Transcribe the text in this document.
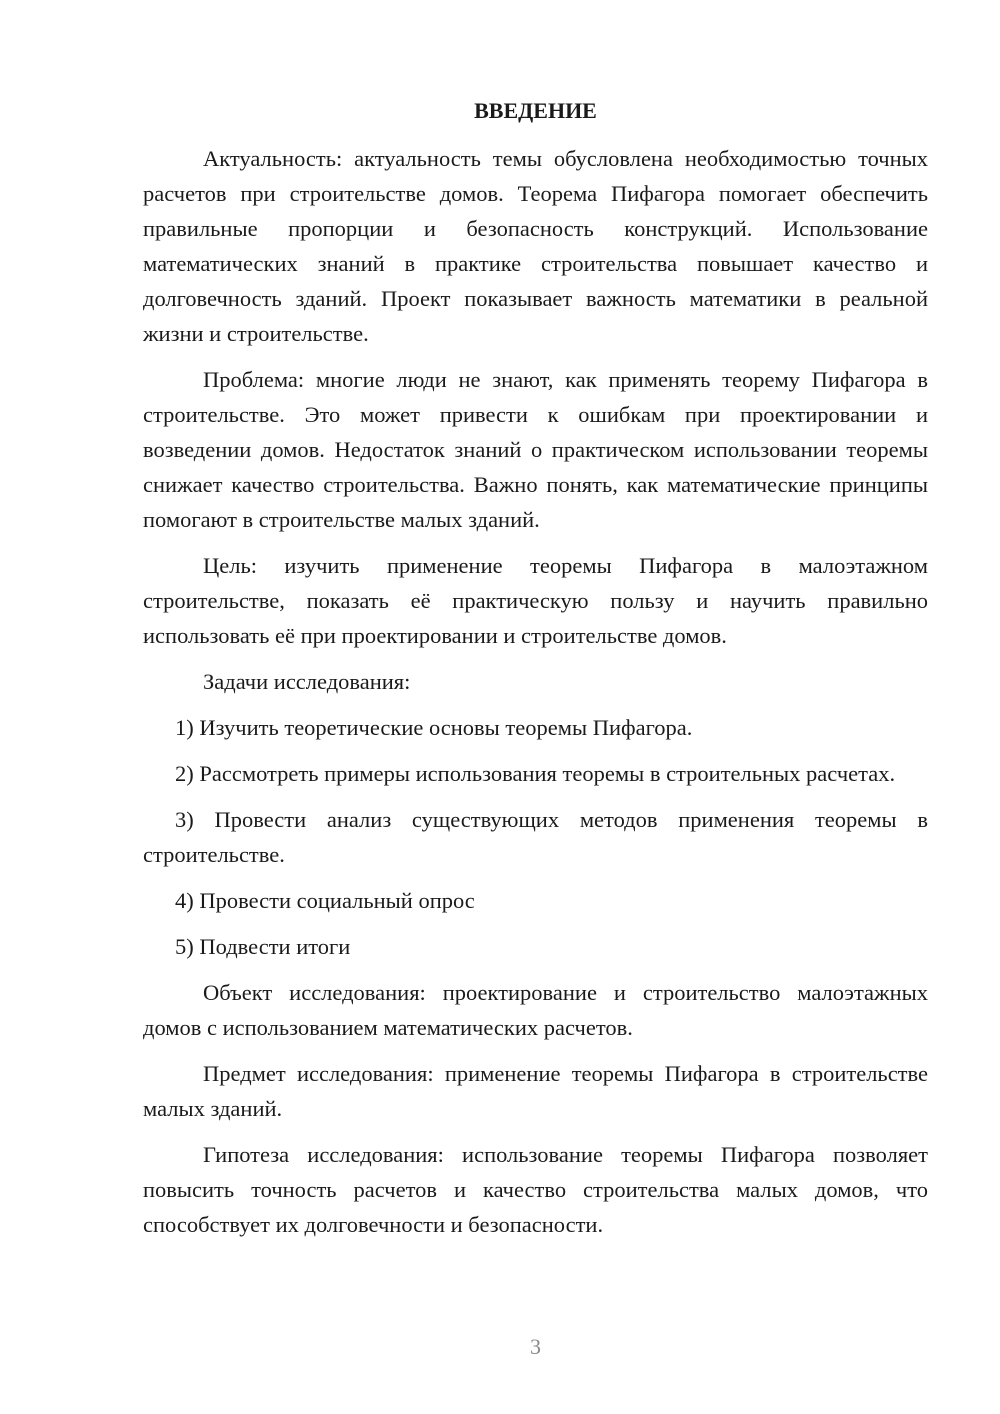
ВВЕДЕНИЕ

Актуальность: актуальность темы обусловлена необходимостью точных расчетов при строительстве домов. Теорема Пифагора помогает обеспечить правильные пропорции и безопасность конструкций. Использование математических знаний в практике строительства повышает качество и долговечность зданий. Проект показывает важность математики в реальной жизни и строительстве.

Проблема: многие люди не знают, как применять теорему Пифагора в строительстве. Это может привести к ошибкам при проектировании и возведении домов. Недостаток знаний о практическом использовании теоремы снижает качество строительства. Важно понять, как математические принципы помогают в строительстве малых зданий.

Цель: изучить применение теоремы Пифагора в малоэтажном строительстве, показать её практическую пользу и научить правильно использовать её при проектировании и строительстве домов.

Задачи исследования:

1) Изучить теоретические основы теоремы Пифагора.

2) Рассмотреть примеры использования теоремы в строительных расчетах.

3) Провести анализ существующих методов применения теоремы в строительстве.

4) Провести социальный опрос

5) Подвести итоги

Объект исследования: проектирование и строительство малоэтажных домов с использованием математических расчетов.

Предмет исследования: применение теоремы Пифагора в строительстве малых зданий.

Гипотеза исследования: использование теоремы Пифагора позволяет повысить точность расчетов и качество строительства малых домов, что способствует их долговечности и безопасности.

3
